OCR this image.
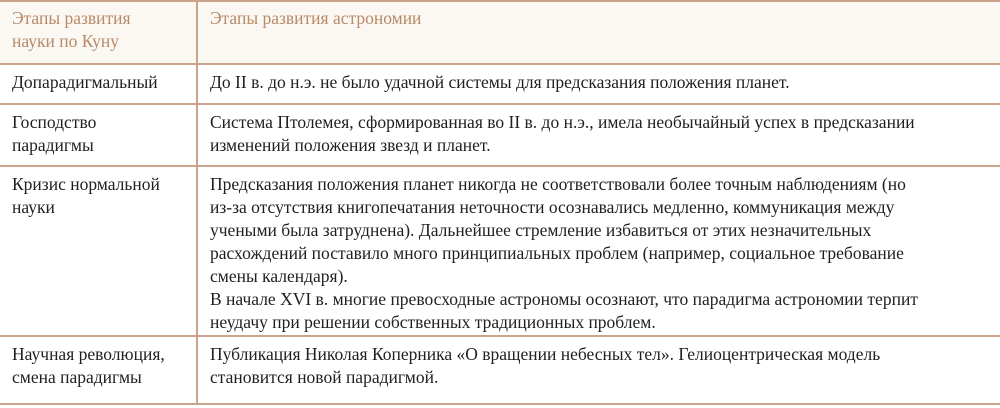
Этапы развития
науки по Куну
Этапы развития астрономии
Допарадигмальный	До II в. до н.э. не было удачной системы для предсказания положения планет.
Господство
парадигмы
Система Птолемея, сформированная во II в. до н.э., имела необычайный успех в предсказании
изменений положения звезд и планет.
Кризис нормальной
науки
Предсказания положения планет никогда не соответствовали более точным наблюдениям (но
из-за отсутствия книгопечатания неточности осознавались медленно, коммуникация между
учеными была затруднена). Дальнейшее стремление избавиться от этих незначительных
расхождений поставило много принципиальных проблем (например, социальное требование
смены календаря).
В начале XVI в. многие превосходные астрономы осознают, что парадигма астрономии терпит
неудачу при решении собственных традиционных проблем.
Научная революция,
смена парадигмы
Публикация Николая Коперника «О вращении небесных тел». Гелиоцентрическая модель
становится новой парадигмой.
